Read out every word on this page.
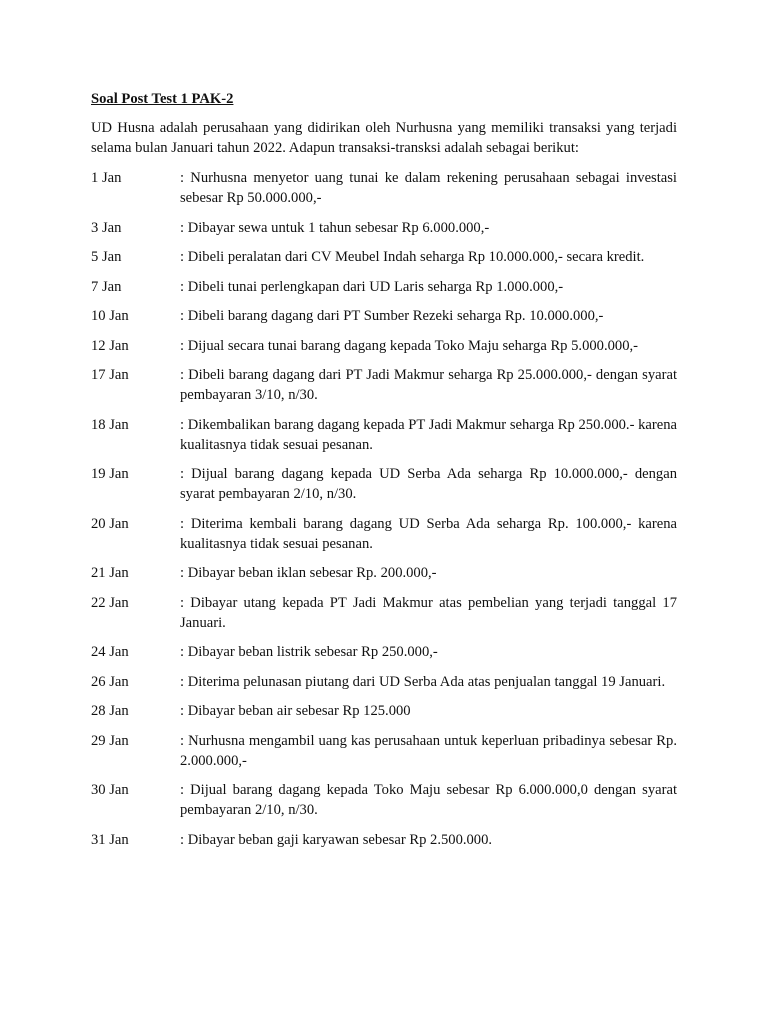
Soal Post Test 1 PAK-2

UD Husna adalah perusahaan yang didirikan oleh Nurhusna yang memiliki transaksi yang terjadi selama bulan Januari tahun 2022. Adapun transaksi-transksi adalah sebagai berikut:

1 Jan	: Nurhusna menyetor uang tunai ke dalam rekening perusahaan sebagai investasi sebesar Rp 50.000.000,-
3 Jan	: Dibayar sewa untuk 1 tahun sebesar Rp 6.000.000,-
5 Jan	: Dibeli peralatan dari CV Meubel Indah seharga Rp 10.000.000,- secara kredit.
7 Jan	: Dibeli tunai perlengkapan dari UD Laris seharga Rp 1.000.000,-
10 Jan	: Dibeli barang dagang dari PT Sumber Rezeki seharga Rp. 10.000.000,-
12 Jan	: Dijual secara tunai barang dagang kepada Toko Maju seharga Rp 5.000.000,-
17 Jan	: Dibeli barang dagang dari PT Jadi Makmur seharga Rp 25.000.000,- dengan syarat pembayaran 3/10, n/30.
18 Jan	: Dikembalikan barang dagang kepada PT Jadi Makmur seharga Rp 250.000.- karena kualitasnya tidak sesuai pesanan.
19 Jan	: Dijual barang dagang kepada UD Serba Ada seharga Rp 10.000.000,- dengan syarat pembayaran 2/10, n/30.
20 Jan	: Diterima kembali barang dagang UD Serba Ada seharga Rp. 100.000,- karena kualitasnya tidak sesuai pesanan.
21 Jan	: Dibayar beban iklan sebesar Rp. 200.000,-
22 Jan	: Dibayar utang kepada PT Jadi Makmur atas pembelian yang terjadi tanggal 17 Januari.
24 Jan	: Dibayar beban listrik sebesar Rp 250.000,-
26 Jan	: Diterima pelunasan piutang dari UD Serba Ada atas penjualan tanggal 19 Januari.
28 Jan	: Dibayar beban air sebesar Rp 125.000
29 Jan	: Nurhusna mengambil uang kas perusahaan untuk keperluan pribadinya sebesar Rp. 2.000.000,-
30 Jan	: Dijual barang dagang kepada Toko Maju sebesar Rp 6.000.000,0 dengan syarat pembayaran 2/10, n/30.
31 Jan	: Dibayar beban gaji karyawan sebesar Rp 2.500.000.
